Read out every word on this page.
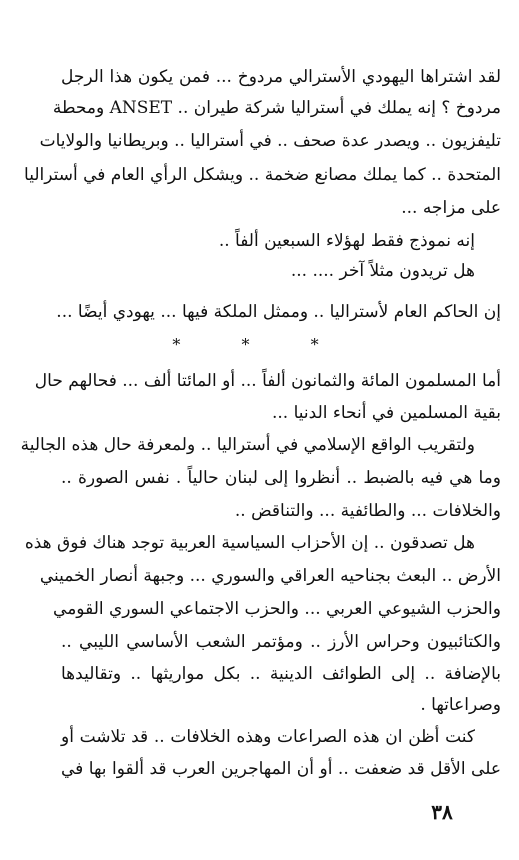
لقد اشتراها اليهودي الأسترالي مردوخ ... فمن يكون هذا الرجل
مردوخ ؟ إنه يملك في أستراليا شركة طيران .. ANSET ومحطة
تليفزيون .. ويصدر عدة صحف .. في أستراليا .. وبريطانيا والولايات
المتحدة .. كما يملك مصانع ضخمة .. ويشكل الرأي العام في أستراليا
على مزاجه ...
إنه نموذج فقط لهؤلاء السبعين ألفاً ..
هل تريدون مثلاً آخر .... ...
إن الحاكم العام لأستراليا .. وممثل الملكة فيها ... يهودي أيضًا ...
* * *
أما المسلمون المائة والثمانون ألفاً ... أو المائتا ألف ... فحالهم حال
بقية المسلمين في أنحاء الدنيا ...
ولتقريب الواقع الإسلامي في أستراليا .. ولمعرفة حال هذه الجالية
وما هي فيه بالضبط .. أنظروا إلى لبنان حالياً . نفس الصورة ..
والخلافات ... والطائفية ... والتناقض ..
هل تصدقون .. إن الأحزاب السياسية العربية توجد هناك فوق هذه
الأرض .. البعث بجناحيه العراقي والسوري ... وجبهة أنصار الخميني
والحزب الشيوعي العربي ... والحزب الاجتماعي السوري القومي
والكتائبيون وحراس الأرز .. ومؤتمر الشعب الأساسي الليبي ..
بالإضافة .. إلى الطوائف الدينية .. بكل مواريثها .. وتقاليدها
وصراعاتها .
كنت أظن ان هذه الصراعات وهذه الخلافات .. قد تلاشت أو
على الأقل قد ضعفت .. أو أن المهاجرين العرب قد ألقوا بها في
٣٨
